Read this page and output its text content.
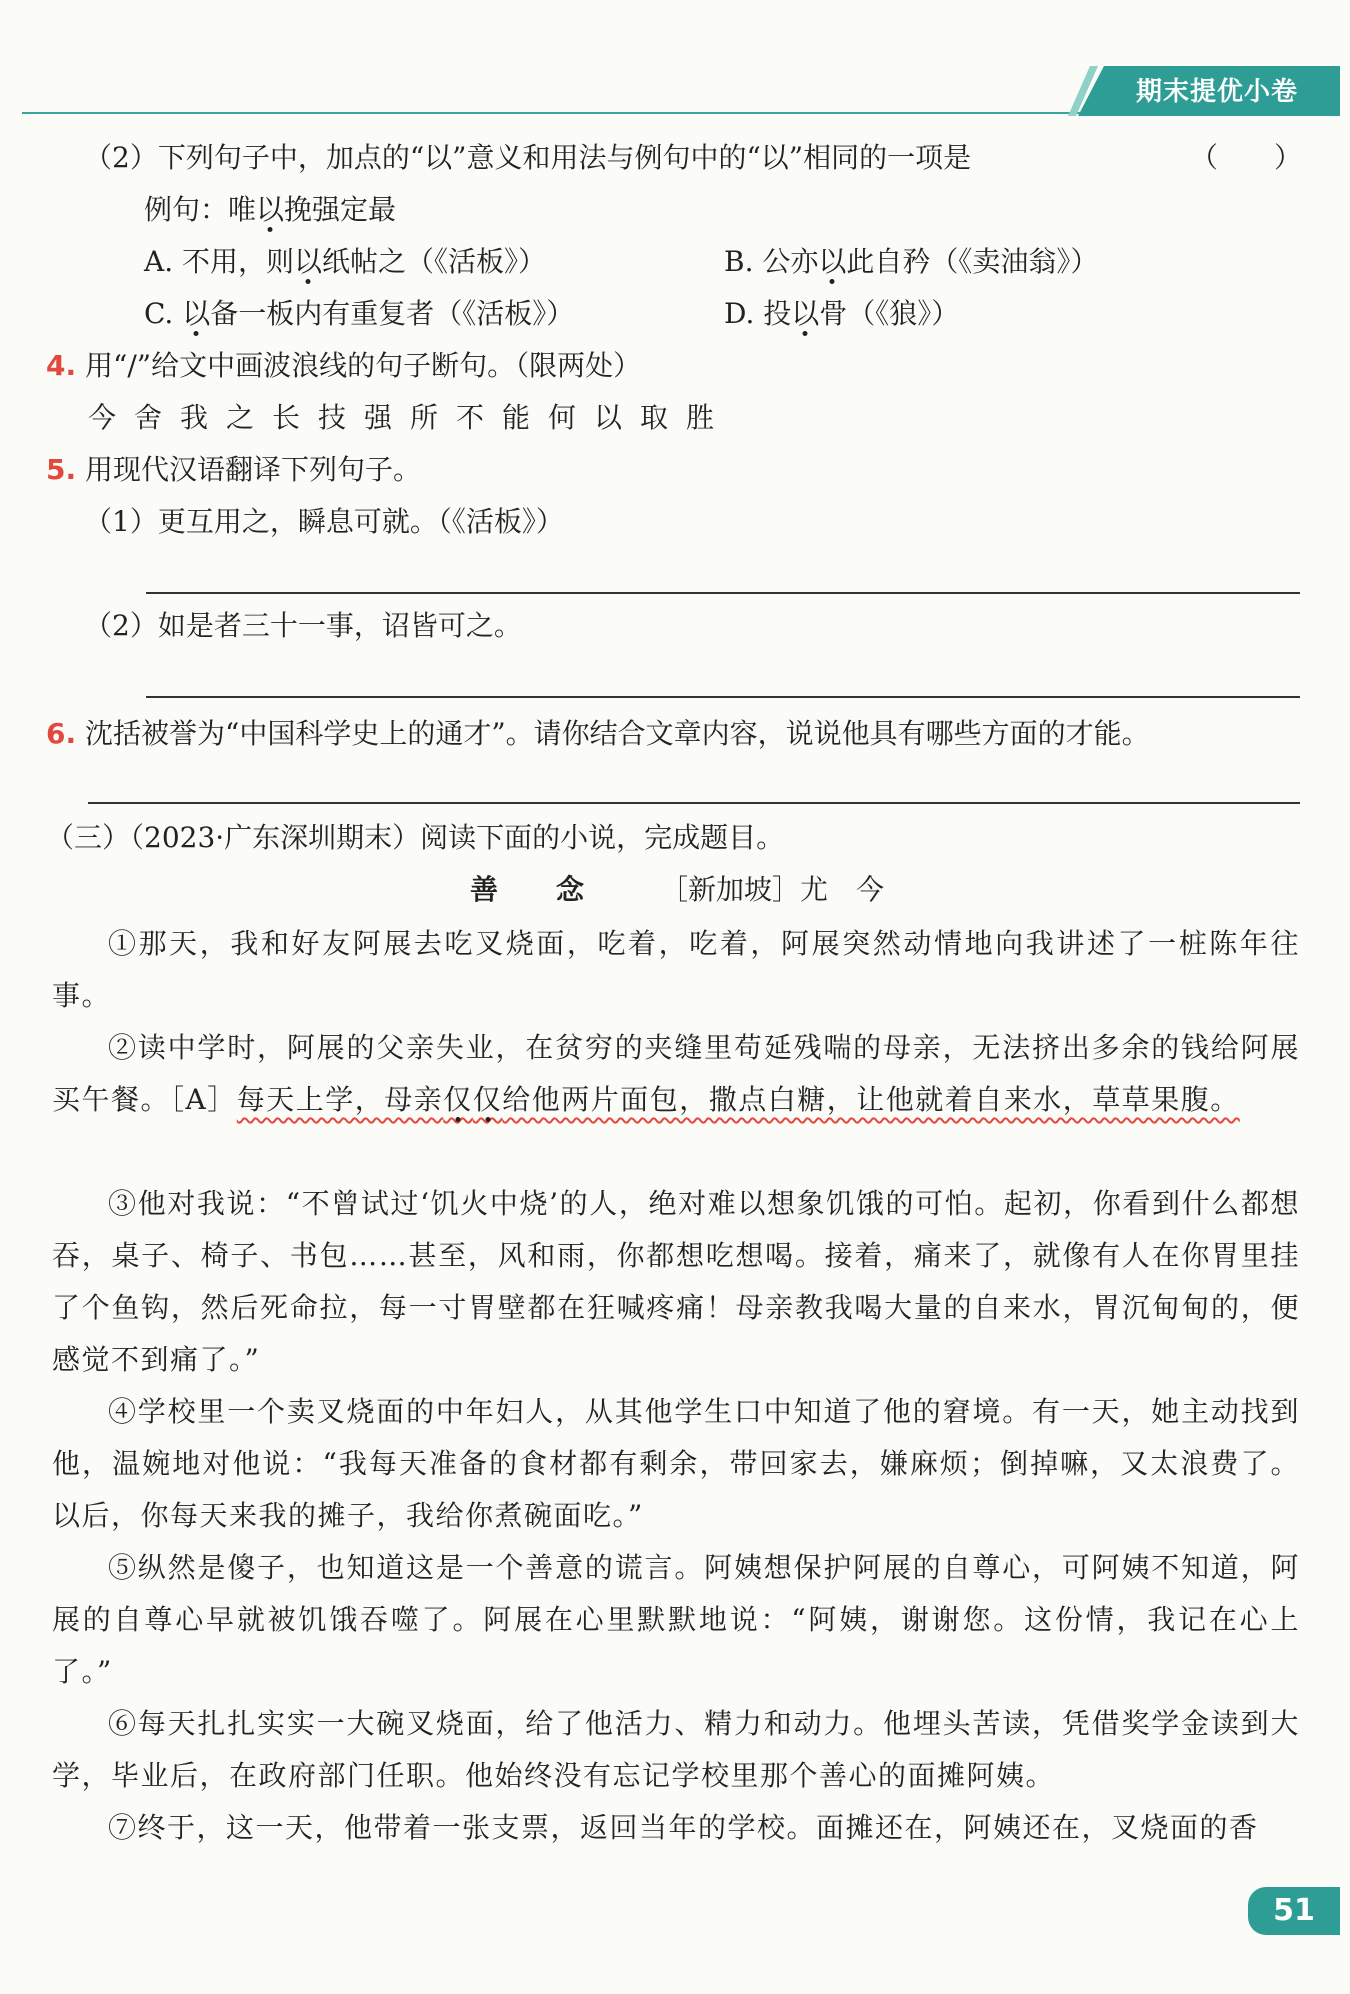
期末提优小卷
（2）下列句子中，加点的“以”意义和用法与例句中的“以”相同的一项是	（　　）
例句：唯以挽强定最
A. 不用，则以纸帖之（《活板》）	B. 公亦以此自矜（《卖油翁》）
C. 以备一板内有重复者（《活板》）	D. 投以骨（《狼》）
4. 用“/”给文中画波浪线的句子断句。（限两处）
今舍我之长技强所不能何以取胜
5. 用现代汉语翻译下列句子。
（1）更互用之，瞬息可就。（《活板》）
（2）如是者三十一事，诏皆可之。
6. 沈括被誉为“中国科学史上的通才”。请你结合文章内容，说说他具有哪些方面的才能。
（三）（2023·广东深圳期末）阅读下面的小说，完成题目。
善念 ［新加坡］尤　今
①那天，我和好友阿展去吃叉烧面，吃着，吃着，阿展突然动情地向我讲述了一桩陈年往事。
②读中学时，阿展的父亲失业，在贫穷的夹缝里苟延残喘的母亲，无法挤出多余的钱给阿展买午餐。［A］每天上学，母亲仅仅给他两片面包，撒点白糖，让他就着自来水，草草果腹。
③他对我说：“不曾试过‘饥火中烧’的人，绝对难以想象饥饿的可怕。起初，你看到什么都想吞，桌子、椅子、书包……甚至，风和雨，你都想吃想喝。接着，痛来了，就像有人在你胃里挂了个鱼钩，然后死命拉，每一寸胃壁都在狂喊疼痛！母亲教我喝大量的自来水，胃沉甸甸的，便感觉不到痛了。”
④学校里一个卖叉烧面的中年妇人，从其他学生口中知道了他的窘境。有一天，她主动找到他，温婉地对他说：“我每天准备的食材都有剩余，带回家去，嫌麻烦；倒掉嘛，又太浪费了。以后，你每天来我的摊子，我给你煮碗面吃。”
⑤纵然是傻子，也知道这是一个善意的谎言。阿姨想保护阿展的自尊心，可阿姨不知道，阿展的自尊心早就被饥饿吞噬了。阿展在心里默默地说：“阿姨，谢谢您。这份情，我记在心上了。”
⑥每天扎扎实实一大碗叉烧面，给了他活力、精力和动力。他埋头苦读，凭借奖学金读到大学，毕业后，在政府部门任职。他始终没有忘记学校里那个善心的面摊阿姨。
⑦终于，这一天，他带着一张支票，返回当年的学校。面摊还在，阿姨还在，叉烧面的香
51
